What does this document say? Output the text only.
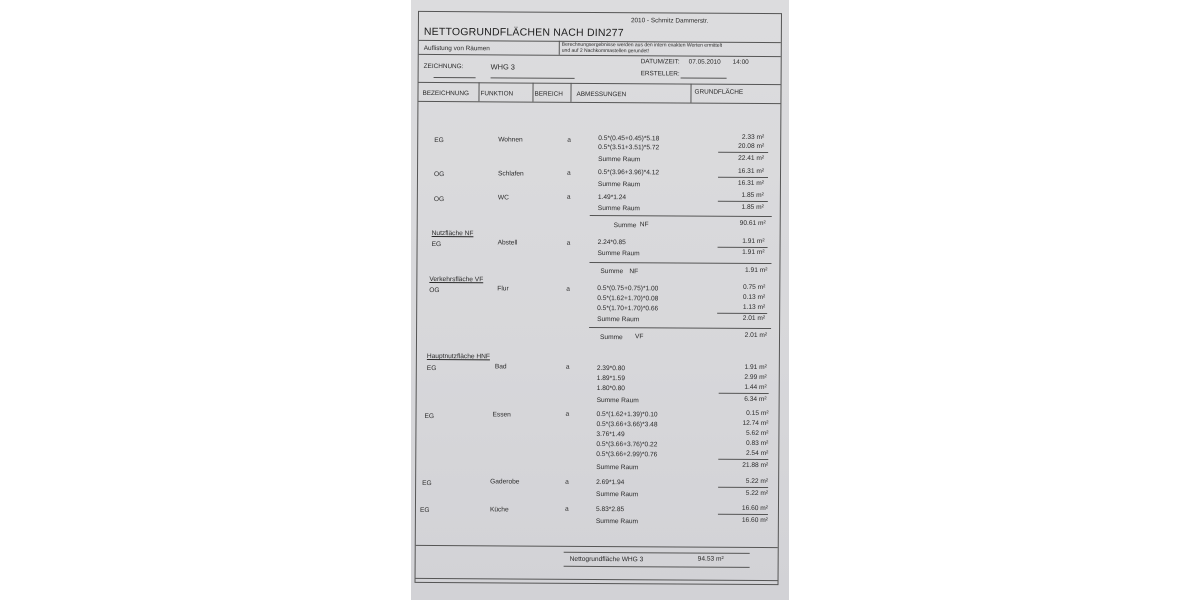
2010 - Schmitz Dammerstr.
NETTOGRUNDFLÄCHEN NACH DIN277
Auflistung von Räumen	Berechnungsergebnisse werden aus den intern exakten Werten ermittelt
und auf 2 Nachkommastellen gerundet!
ZEICHNUNG:	WHG 3
DATUM/ZEIT: 07.05.2010 14:00
ERSTELLER:
BEZEICHNUNG FUNKTION	BEREICH ABMESSUNGEN	GRUNDFLÄCHE
EG	Wohnen	a	0.5*(0.45+0.45)*5.18	2.33 m²
0.5*(3.51+3.51)*5.72	20.08 m²
Summe Raum	22.41 m²
OG	Schlafen	a	0.5*(3.96+3.96)*4.12	16.31 m²
Summe Raum	16.31 m²
OG	WC	a	1.49*1.24	1.85 m²
Summe Raum	1.85 m²
Summe NF	90.61 m²
Nutzfläche NF
EG	Abstell	a	2.24*0.85	1.91 m²
Summe Raum	1.91 m²
Summe NF	1.91 m²
Verkehrsfläche VF
OG	Flur	a	0.5*(0.75+0.75)*1.00	0.75 m²
0.5*(1.62+1.70)*0.08	0.13 m²
0.5*(1.70+1.70)*0.66	1.13 m²
Summe Raum	2.01 m²
Summe VF	2.01 m²
Hauptnutzfläche HNF
EG	Bad	a	2.39*0.80	1.91 m²
1.89*1.59	2.99 m²
1.80*0.80	1.44 m²
Summe Raum	6.34 m²
EG	Essen	a	0.5*(1.62+1.39)*0.10	0.15 m²
0.5*(3.66+3.66)*3.48	12.74 m²
3.76*1.49	5.62 m²
0.5*(3.66+3.76)*0.22	0.83 m²
0.5*(3.66+2.99)*0.76	2.54 m²
Summe Raum	21.88 m²
EG	Gaderobe	a	2.69*1.94	5.22 m²
Summe Raum	5.22 m²
EG	Küche	a	5.83*2.85	16.60 m²
Summe Raum	16.60 m²
Nettogrundfläche WHG 3	94.53 m²
